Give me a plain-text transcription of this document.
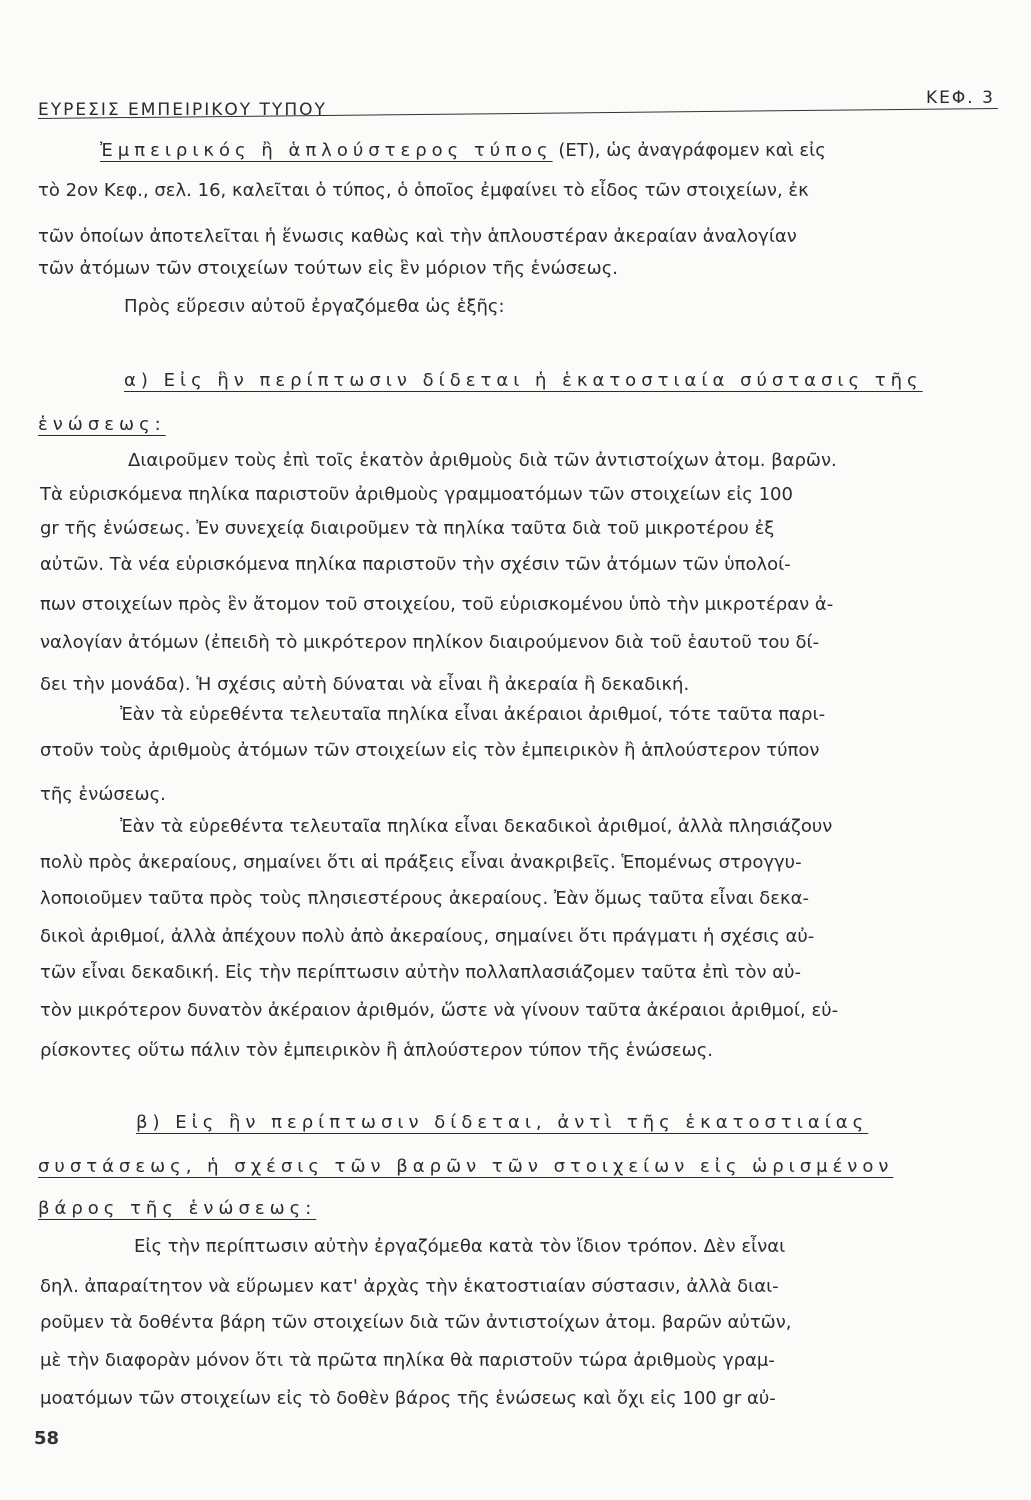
ΕΥΡΕΣΙΣ ΕΜΠΕΙΡΙΚΟΥ ΤΥΠΟΥ
ΚΕΦ. 3
Ἐμπειρικός ἢ ἁπλούστερος τύπος (ΕΤ), ὡς ἀναγράφομεν καὶ εἰς
τὸ 2ον Κεφ., σελ. 16, καλεῖται ὁ τύπος, ὁ ὁποῖος ἐμφαίνει τὸ εἶδος τῶν στοιχείων, ἐκ
τῶν ὁποίων ἀποτελεῖται ἡ ἕνωσις καθὼς καὶ τὴν ἁπλουστέραν ἀκεραίαν ἀναλογίαν
τῶν ἀτόμων τῶν στοιχείων τούτων εἰς ἓν μόριον τῆς ἑνώσεως.
Πρὸς εὕρεσιν αὐτοῦ ἐργαζόμεθα ὡς ἑξῆς:
α) Εἰς ἣν περίπτωσιν δίδεται ἡ ἑκατοστιαία σύστασις τῆς
ἑνώσεως:
Διαιροῦμεν τοὺς ἐπὶ τοῖς ἑκατὸν ἀριθμοὺς διὰ τῶν ἀντιστοίχων ἀτομ. βαρῶν.
Τὰ εὑρισκόμενα πηλίκα παριστοῦν ἀριθμοὺς γραμμοατόμων τῶν στοιχείων εἰς 100
gr τῆς ἑνώσεως. Ἐν συνεχείᾳ διαιροῦμεν τὰ πηλίκα ταῦτα διὰ τοῦ μικροτέρου ἐξ
αὐτῶν. Τὰ νέα εὑρισκόμενα πηλίκα παριστοῦν τὴν σχέσιν τῶν ἀτόμων τῶν ὑπολοί-
πων στοιχείων πρὸς ἓν ἄτομον τοῦ στοιχείου, τοῦ εὑρισκομένου ὑπὸ τὴν μικροτέραν ἀ-
ναλογίαν ἀτόμων (ἐπειδὴ τὸ μικρότερον πηλίκον διαιρούμενον διὰ τοῦ ἑαυτοῦ του δί-
δει τὴν μονάδα). Ἡ σχέσις αὐτὴ δύναται νὰ εἶναι ἢ ἀκεραία ἢ δεκαδική.
Ἐὰν τὰ εὑρεθέντα τελευταῖα πηλίκα εἶναι ἀκέραιοι ἀριθμοί, τότε ταῦτα παρι-
στοῦν τοὺς ἀριθμοὺς ἀτόμων τῶν στοιχείων εἰς τὸν ἐμπειρικὸν ἢ ἁπλούστερον τύπον
τῆς ἑνώσεως.
Ἐὰν τὰ εὑρεθέντα τελευταῖα πηλίκα εἶναι δεκαδικοὶ ἀριθμοί, ἀλλὰ πλησιάζουν
πολὺ πρὸς ἀκεραίους, σημαίνει ὅτι αἱ πράξεις εἶναι ἀνακριβεῖς. Ἑπομένως στρογγυ-
λοποιοῦμεν ταῦτα πρὸς τοὺς πλησιεστέρους ἀκεραίους. Ἐὰν ὅμως ταῦτα εἶναι δεκα-
δικοὶ ἀριθμοί, ἀλλὰ ἀπέχουν πολὺ ἀπὸ ἀκεραίους, σημαίνει ὅτι πράγματι ἡ σχέσις αὐ-
τῶν εἶναι δεκαδική. Εἰς τὴν περίπτωσιν αὐτὴν πολλαπλασιάζομεν ταῦτα ἐπὶ τὸν αὐ-
τὸν μικρότερον δυνατὸν ἀκέραιον ἀριθμόν, ὥστε νὰ γίνουν ταῦτα ἀκέραιοι ἀριθμοί, εὑ-
ρίσκοντες οὕτω πάλιν τὸν ἐμπειρικὸν ἢ ἁπλούστερον τύπον τῆς ἑνώσεως.
β) Εἰς ἣν περίπτωσιν δίδεται, ἀντὶ τῆς ἑκατοστιαίας
συστάσεως, ἡ σχέσις τῶν βαρῶν τῶν στοιχείων εἰς ὡρισμένον
βάρος τῆς ἑνώσεως:
Εἰς τὴν περίπτωσιν αὐτὴν ἐργαζόμεθα κατὰ τὸν ἴδιον τρόπον. Δὲν εἶναι
δηλ. ἀπαραίτητον νὰ εὕρωμεν κατ' ἀρχὰς τὴν ἑκατοστιαίαν σύστασιν, ἀλλὰ διαι-
ροῦμεν τὰ δοθέντα βάρη τῶν στοιχείων διὰ τῶν ἀντιστοίχων ἀτομ. βαρῶν αὐτῶν,
μὲ τὴν διαφορὰν μόνον ὅτι τὰ πρῶτα πηλίκα θὰ παριστοῦν τώρα ἀριθμοὺς γραμ-
μοατόμων τῶν στοιχείων εἰς τὸ δοθὲν βάρος τῆς ἑνώσεως καὶ ὄχι εἰς 100 gr αὐ-
58
